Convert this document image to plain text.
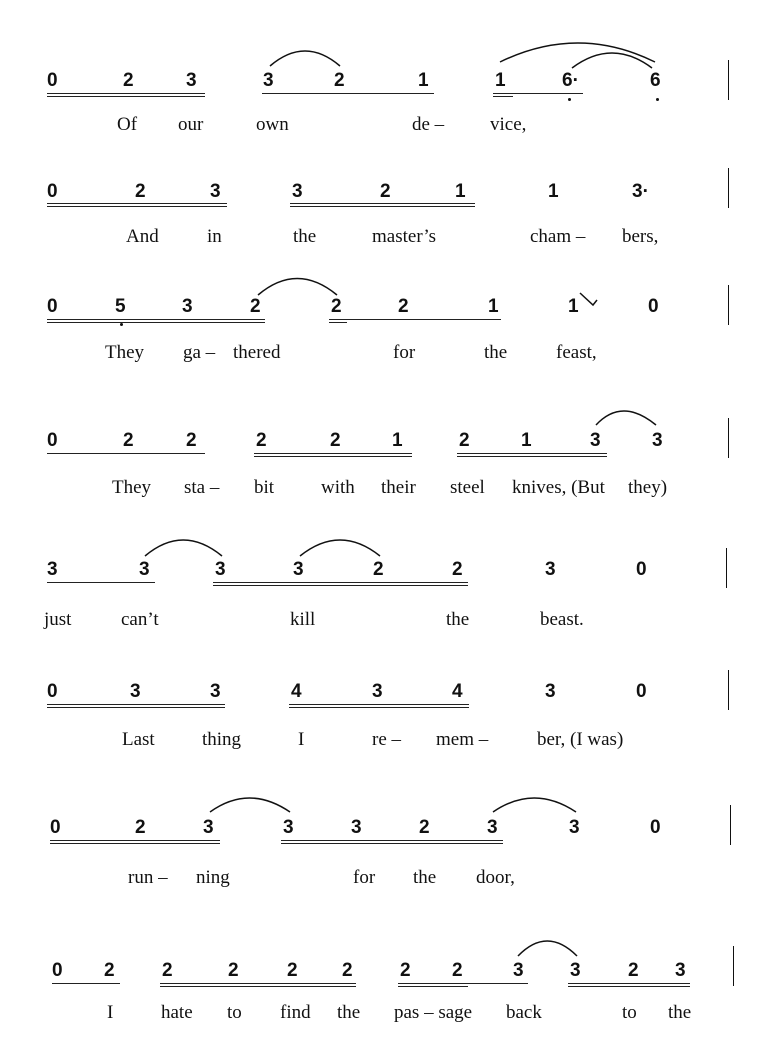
0	2	3	3	2	1	1	6·	6
Of our	own	de – vice,
0	2	3	3	2	1	1	3·
And	in	the	master’s	cham – bers,
0	5	3	2	2	2	1	1	0
They ga – thered	for	the	feast,
0	2	2	2	2	1	2	1	3	3
They sta – bit with their steel knives, (But they)
3	3	3	3	2	2	3	0
just	can’t	kill	the	beast.
0	3	3	4	3	4	3	0
Last thing	I	re – mem –	ber, (I was)
0	2	3	3	3	2	3	3	0
run – ning	for the door,
0 2 2	2	2 2 2 2	3 3 2 3
I	hate to find the pas – sage back	to the
